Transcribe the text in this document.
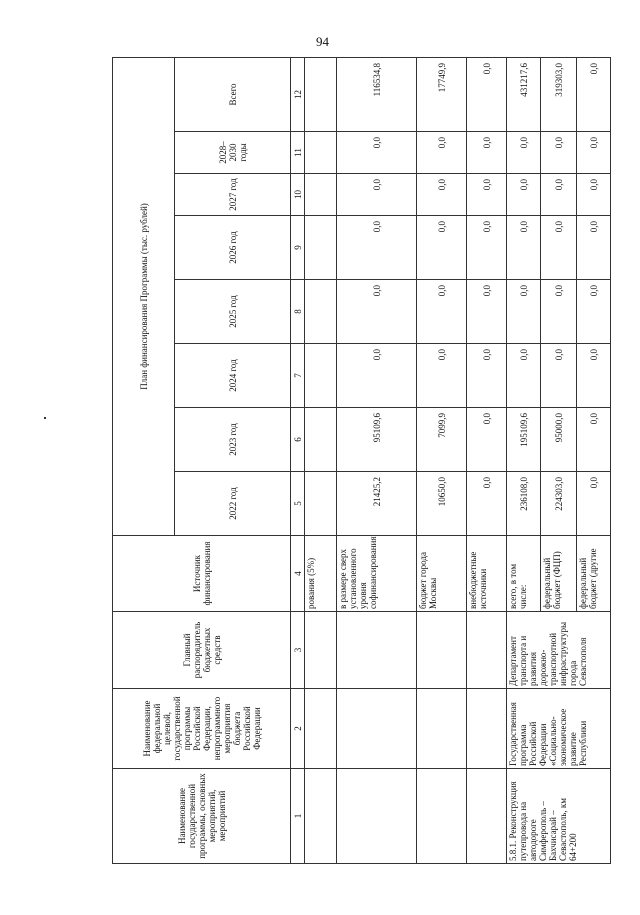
94
Наименование государственной программы, основных мероприятий, мероприятий	Наименование федеральной целевой, государственной программы Российской Федерации, непрограммного мероприятия бюджета Российской Федерации	Главный распорядитель бюджетных средств	Источник финансирования	План финансирования Программы (тыс. рублей)							
				2022 год	2023 год	2024 год	2025 год	2026 год	2027 год	2028–2030 годы	Всего
1	2	3	4	5	6	7	8	9	10	11	12
			рования (5%)								
			в размере сверх установленного уровня софинансирования	21425,2	95109,6	0,0	0,0	0,0	0,0	0,0	116534,8
			бюджет города Москвы	10650,0	7099,9	0,0	0,0	0,0	0,0	0,0	17749,9
			внебюджетные источники	0,0	0,0	0,0	0,0	0,0	0,0	0,0	0,0
5.8.1. Реконструкция путепровода на автодороге Симферополь – Бахчисарай – Севастополь, км 64+200	Государственная программа Российской Федерации «Социально-экономическое развитие Республики	Департамент транспорта и развития дорожно-транспортной инфраструктуры города Севастополя	всего, в том числе:	236108,0	195109,6	0,0	0,0	0,0	0,0	0,0	431217,6
			федеральный бюджет (ФЦП)	224303,0	95000,0	0,0	0,0	0,0	0,0	0,0	319303,0
			федеральный бюджет (другие	0,0	0,0	0,0	0,0	0,0	0,0	0,0	0,0
